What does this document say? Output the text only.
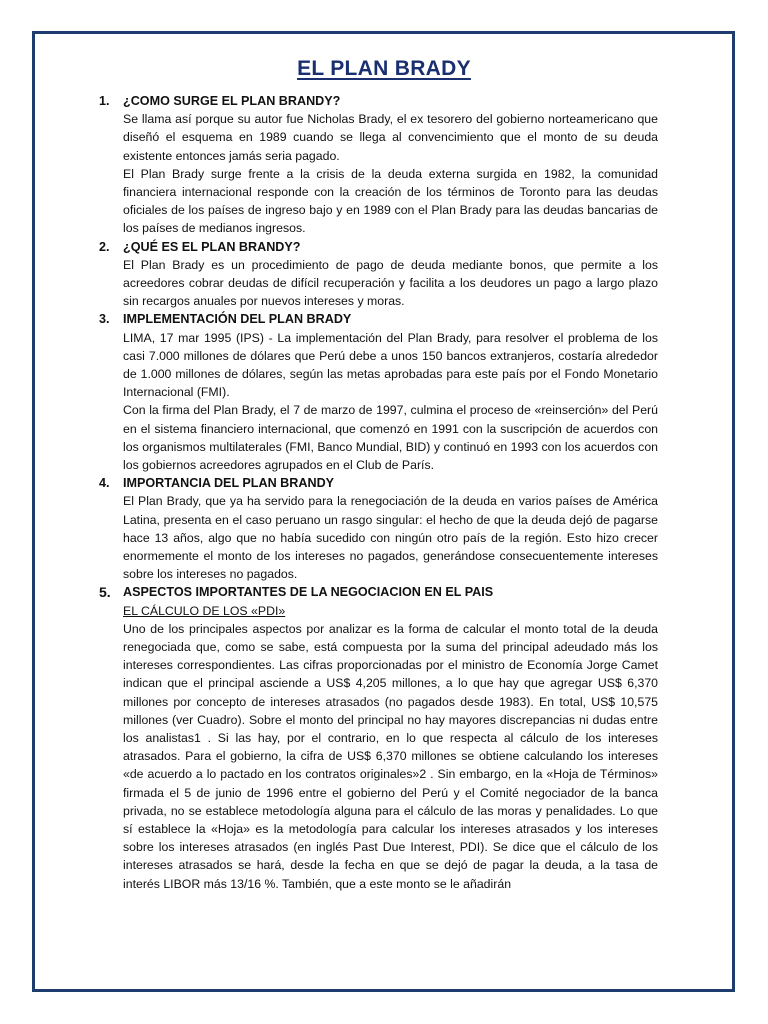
EL PLAN BRADY
1. ¿COMO SURGE EL PLAN BRANDY?

Se llama así porque su autor fue Nicholas Brady, el ex tesorero del gobierno norteamericano que diseñó el esquema en 1989 cuando se llega al convencimiento que el monto de su deuda existente entonces jamás seria pagado.

El Plan Brady surge frente a la crisis de la deuda externa surgida en 1982, la comunidad financiera internacional responde con la creación de los términos de Toronto para las deudas oficiales de los países de ingreso bajo y en 1989 con el Plan Brady para las deudas bancarias de los países de medianos ingresos.

2. ¿QUÉ ES EL PLAN BRANDY?

El Plan Brady es un procedimiento de pago de deuda mediante bonos, que permite a los acreedores cobrar deudas de difícil recuperación y facilita a los deudores un pago a largo plazo sin recargos anuales por nuevos intereses y moras.

3. IMPLEMENTACIÓN DEL PLAN BRADY

LIMA, 17 mar 1995 (IPS) - La implementación del Plan Brady, para resolver el problema de los casi 7.000 millones de dólares que Perú debe a unos 150 bancos extranjeros, costaría alrededor de 1.000 millones de dólares, según las metas aprobadas para este país por el Fondo Monetario Internacional (FMI).

Con la firma del Plan Brady, el 7 de marzo de 1997, culmina el proceso de «reinserción» del Perú en el sistema financiero internacional, que comenzó en 1991 con la suscripción de acuerdos con los organismos multilaterales (FMI, Banco Mundial, BID) y continuó en 1993 con los acuerdos con los gobiernos acreedores agrupados en el Club de París.

4. IMPORTANCIA DEL PLAN BRANDY

El Plan Brady, que ya ha servido para la renegociación de la deuda en varios países de América Latina, presenta en el caso peruano un rasgo singular: el hecho de que la deuda dejó de pagarse hace 13 años, algo que no había sucedido con ningún otro país de la región. Esto hizo crecer enormemente el monto de los intereses no pagados, generándose consecuentemente intereses sobre los intereses no pagados.

5. ASPECTOS IMPORTANTES DE LA NEGOCIACION EN EL PAIS
EL CÁLCULO DE LOS «PDI»

Uno de los principales aspectos por analizar es la forma de calcular el monto total de la deuda renegociada que, como se sabe, está compuesta por la suma del principal adeudado más los intereses correspondientes. Las cifras proporcionadas por el ministro de Economía Jorge Camet indican que el principal asciende a US$ 4,205 millones, a lo que hay que agregar US$ 6,370 millones por concepto de intereses atrasados (no pagados desde 1983). En total, US$ 10,575 millones (ver Cuadro). Sobre el monto del principal no hay mayores discrepancias ni dudas entre los analistas1 . Si las hay, por el contrario, en lo que respecta al cálculo de los intereses atrasados. Para el gobierno, la cifra de US$ 6,370 millones se obtiene calculando los intereses «de acuerdo a lo pactado en los contratos originales»2 . Sin embargo, en la «Hoja de Términos» firmada el 5 de junio de 1996 entre el gobierno del Perú y el Comité negociador de la banca privada, no se establece metodología alguna para el cálculo de las moras y penalidades. Lo que sí establece la «Hoja» es la metodología para calcular los intereses atrasados y los intereses sobre los intereses atrasados (en inglés Past Due Interest, PDI). Se dice que el cálculo de los intereses atrasados se hará, desde la fecha en que se dejó de pagar la deuda, a la tasa de interés LIBOR más 13/16 %. También, que a este monto se le añadirán
